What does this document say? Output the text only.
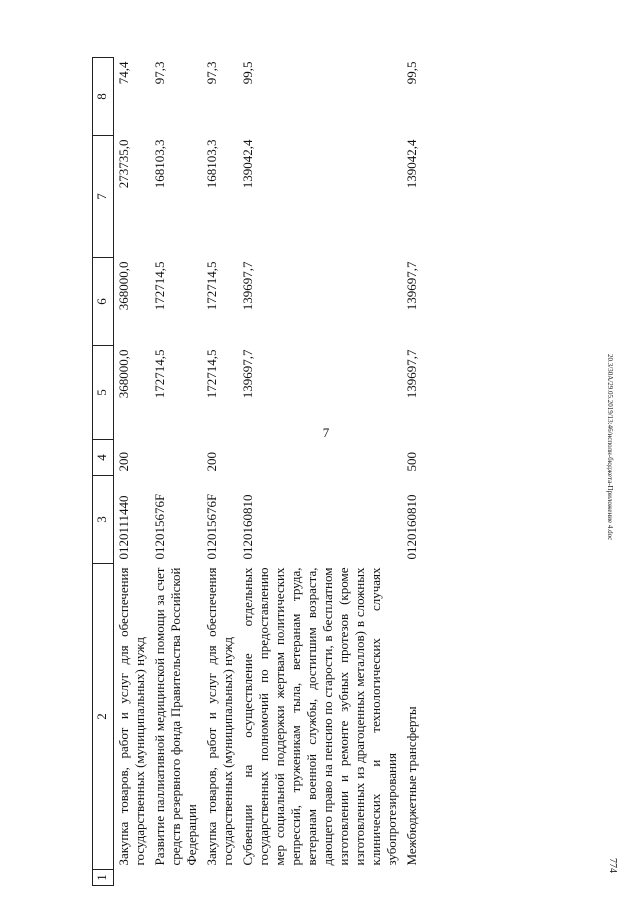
7	20.3/30А/29.05.2019/13:46/исполн-бюджета-Приложение 4.doc
774
1	2	3	4	5	6	7	8
	Закупка товаров, работ и услуг для обеспечения государственных (муниципальных) нужд	0120111440	200	368000,0	368000,0	273735,0	74,4
	Развитие паллиативной медицинской помощи за счет средств резервного фонда Правительства Российской Федерации	012015676F		172714,5	172714,5	168103,3	97,3
	Закупка товаров, работ и услуг для обеспечения государственных (муниципальных) нужд	012015676F	200	172714,5	172714,5	168103,3	97,3
	Субвенции на осуществление отдельных государственных полномочий по предоставлению мер социальной поддержки жертвам политических репрессий, труженикам тыла, ветеранам труда, ветеранам военной службы, достигшим возраста, дающего право на пенсию по старости, в бесплатном изготовлении и ремонте зубных протезов (кроме изготовленных из драгоценных металлов) в сложных клинических и технологических случаях зубопротезирования	0120160810		139697,7	139697,7	139042,4	99,5
	Межбюджетные трансферты	0120160810	500	139697,7	139697,7	139042,4	99,5
